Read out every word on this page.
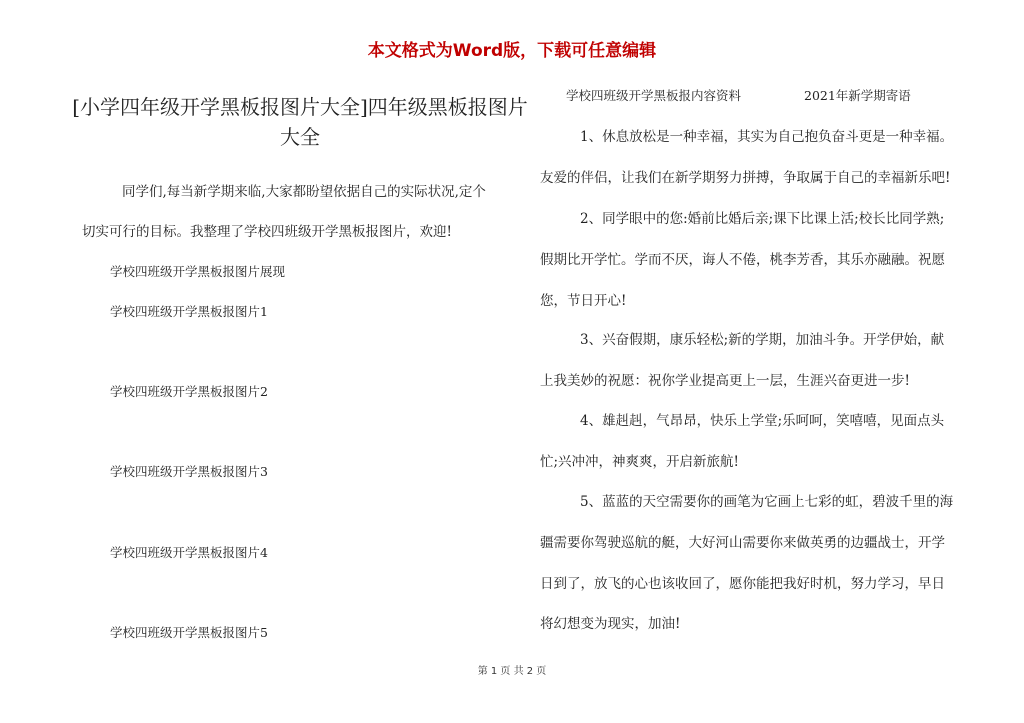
本文格式为Word版，下载可任意编辑
[小学四年级开学黑板报图片大全]四年级黑板报图片
大全
同学们,每当新学期来临,大家都盼望依据自己的实际状况,定个
切实可行的目标。我整理了学校四班级开学黑板报图片，欢迎!
学校四班级开学黑板报图片展现
学校四班级开学黑板报图片1
学校四班级开学黑板报图片2
学校四班级开学黑板报图片3
学校四班级开学黑板报图片4
学校四班级开学黑板报图片5
学校四班级开学黑板报内容资料	2021年新学期寄语
1、休息放松是一种幸福，其实为自己抱负奋斗更是一种幸福。
友爱的伴侣，让我们在新学期努力拼搏，争取属于自己的幸福新乐吧!
2、同学眼中的您:婚前比婚后亲;课下比课上活;校长比同学熟;
假期比开学忙。学而不厌，诲人不倦，桃李芳香，其乐亦融融。祝愿
您，节日开心!
3、兴奋假期，康乐轻松;新的学期，加油斗争。开学伊始，献
上我美妙的祝愿：祝你学业提高更上一层，生涯兴奋更进一步!
4、雄赳赳，气昂昂，快乐上学堂;乐呵呵，笑嘻嘻，见面点头
忙;兴冲冲，神爽爽，开启新旅航!
5、蓝蓝的天空需要你的画笔为它画上七彩的虹，碧波千里的海
疆需要你驾驶巡航的艇，大好河山需要你来做英勇的边疆战士，开学
日到了，放飞的心也该收回了，愿你能把我好时机，努力学习，早日
将幻想变为现实，加油!
第 1 页 共 2 页
